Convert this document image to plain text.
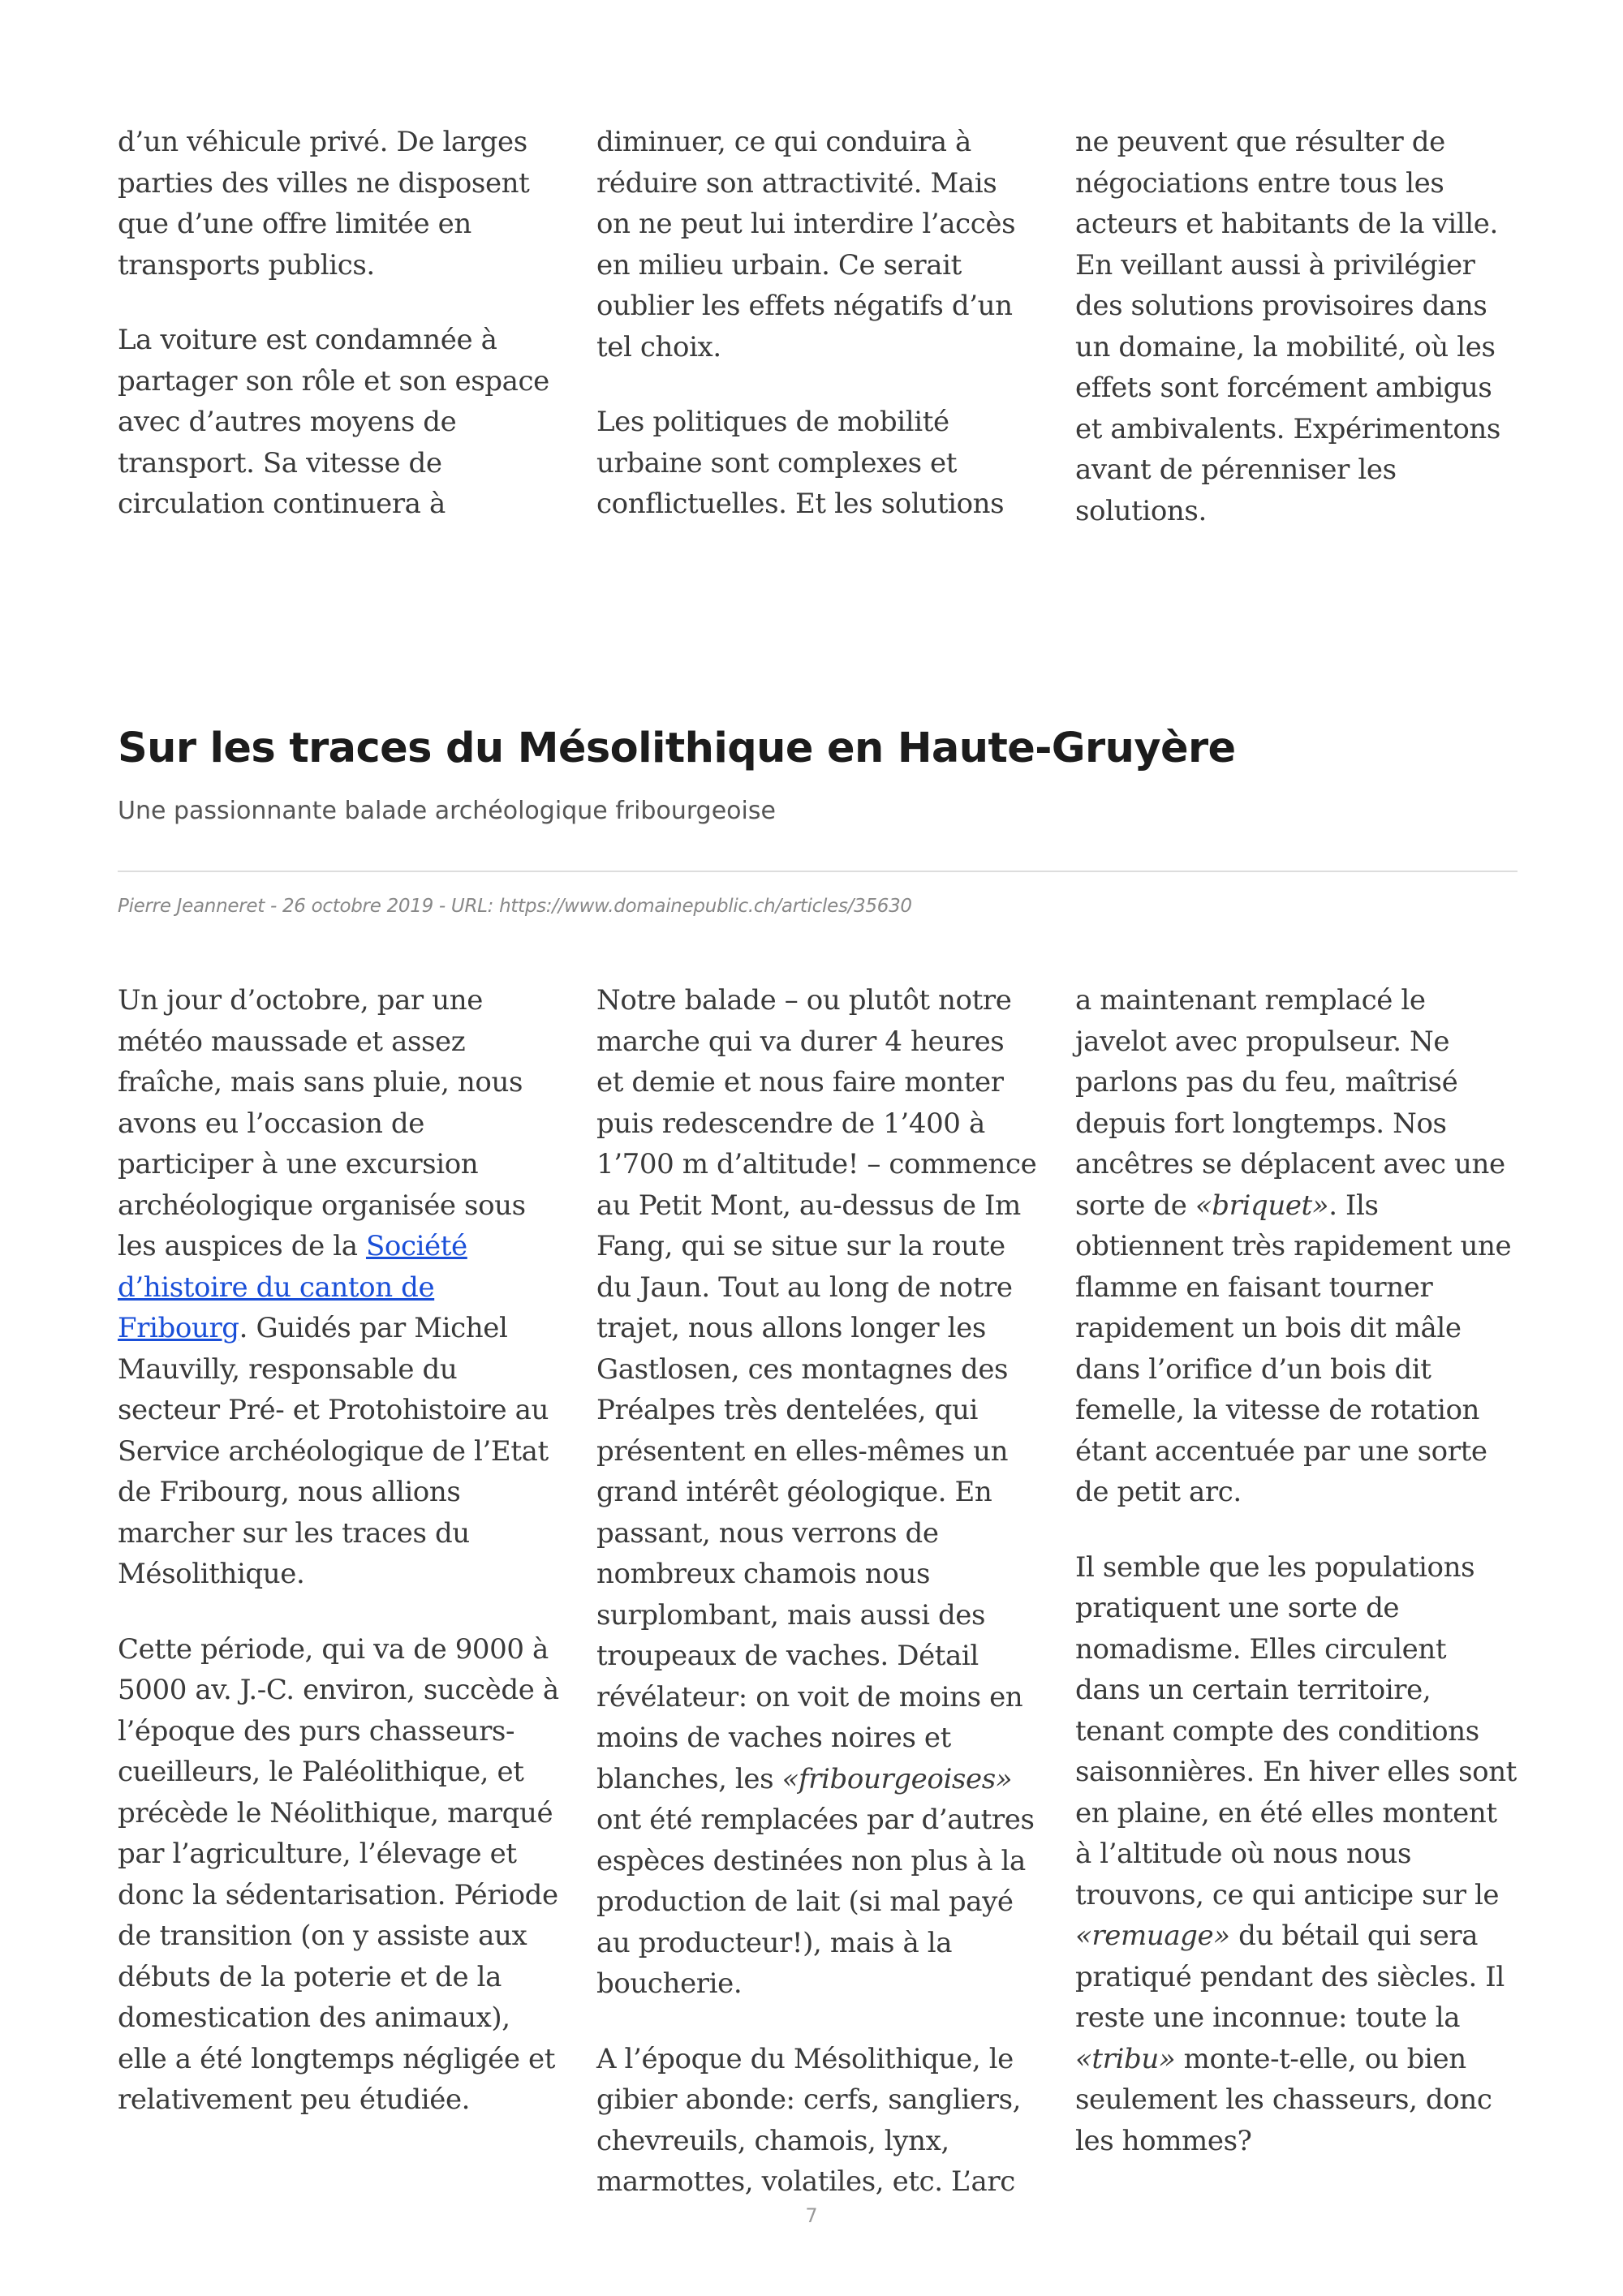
d’un véhicule privé. De larges parties des villes ne disposent que d’une offre limitée en transports publics.

La voiture est condamnée à partager son rôle et son espace avec d’autres moyens de transport. Sa vitesse de circulation continuera à

diminuer, ce qui conduira à réduire son attractivité. Mais on ne peut lui interdire l’accès en milieu urbain. Ce serait oublier les effets négatifs d’un tel choix.

Les politiques de mobilité urbaine sont complexes et conflictuelles. Et les solutions

ne peuvent que résulter de négociations entre tous les acteurs et habitants de la ville. En veillant aussi à privilégier des solutions provisoires dans un domaine, la mobilité, où les effets sont forcément ambigus et ambivalents. Expérimentons avant de pérenniser les solutions.

Sur les traces du Mésolithique en Haute-Gruyère

Une passionnante balade archéologique fribourgeoise

Pierre Jeanneret - 26 octobre 2019 - URL: https://www.domainepublic.ch/articles/35630

Un jour d’octobre, par une météo maussade et assez fraîche, mais sans pluie, nous avons eu l’occasion de participer à une excursion archéologique organisée sous les auspices de la Société d’histoire du canton de Fribourg. Guidés par Michel Mauvilly, responsable du secteur Pré- et Protohistoire au Service archéologique de l’Etat de Fribourg, nous allions marcher sur les traces du Mésolithique.

Cette période, qui va de 9000 à 5000 av. J.-C. environ, succède à l’époque des purs chasseurs-cueilleurs, le Paléolithique, et précède le Néolithique, marqué par l’agriculture, l’élevage et donc la sédentarisation. Période de transition (on y assiste aux débuts de la poterie et de la domestication des animaux), elle a été longtemps négligée et relativement peu étudiée.

Notre balade – ou plutôt notre marche qui va durer 4 heures et demie et nous faire monter puis redescendre de 1’400 à 1’700 m d’altitude! – commence au Petit Mont, au-dessus de Im Fang, qui se situe sur la route du Jaun. Tout au long de notre trajet, nous allons longer les Gastlosen, ces montagnes des Préalpes très dentelées, qui présentent en elles-mêmes un grand intérêt géologique. En passant, nous verrons de nombreux chamois nous surplombant, mais aussi des troupeaux de vaches. Détail révélateur: on voit de moins en moins de vaches noires et blanches, les «fribourgeoises» ont été remplacées par d’autres espèces destinées non plus à la production de lait (si mal payé au producteur!), mais à la boucherie.

A l’époque du Mésolithique, le gibier abonde: cerfs, sangliers, chevreuils, chamois, lynx, marmottes, volatiles, etc. L’arc

a maintenant remplacé le javelot avec propulseur. Ne parlons pas du feu, maîtrisé depuis fort longtemps. Nos ancêtres se déplacent avec une sorte de «briquet». Ils obtiennent très rapidement une flamme en faisant tourner rapidement un bois dit mâle dans l’orifice d’un bois dit femelle, la vitesse de rotation étant accentuée par une sorte de petit arc.

Il semble que les populations pratiquent une sorte de nomadisme. Elles circulent dans un certain territoire, tenant compte des conditions saisonnières. En hiver elles sont en plaine, en été elles montent à l’altitude où nous nous trouvons, ce qui anticipe sur le «remuage» du bétail qui sera pratiqué pendant des siècles. Il reste une inconnue: toute la «tribu» monte-t-elle, ou bien seulement les chasseurs, donc les hommes?

7
